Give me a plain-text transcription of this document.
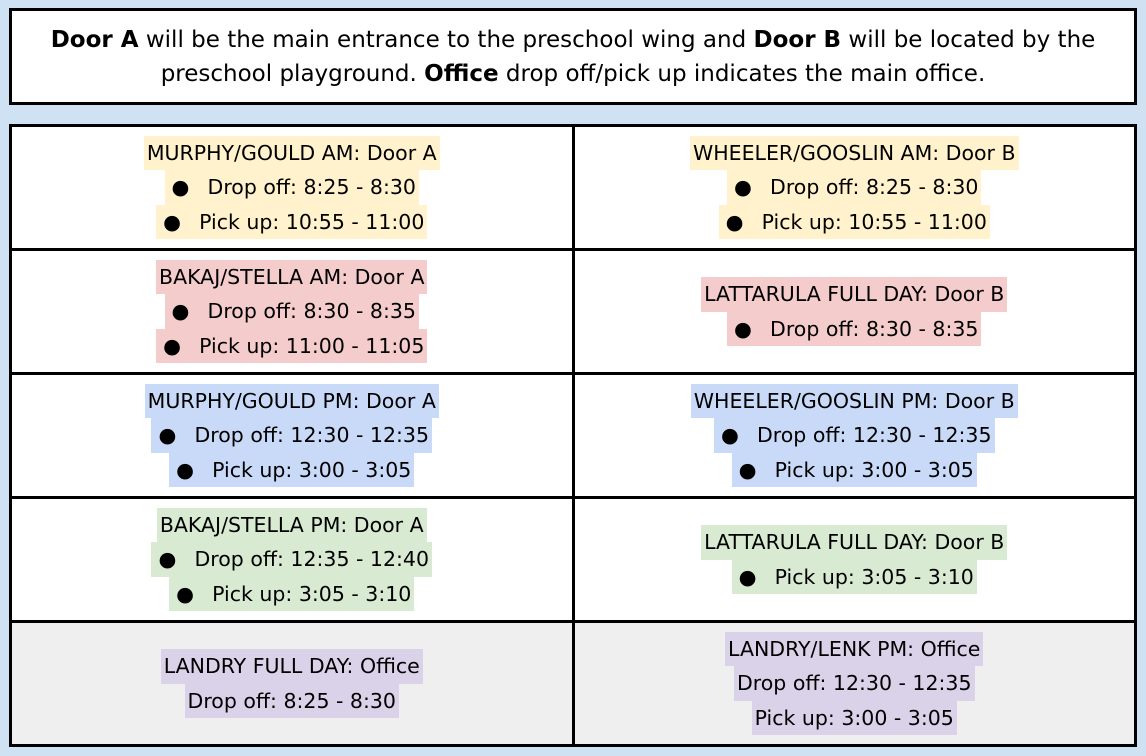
Door A will be the main entrance to the preschool wing and Door B will be located by the preschool playground. Office drop off/pick up indicates the main office.

MURPHY/GOULD AM: Door A
● Drop off: 8:25 - 8:30
● Pick up: 10:55 - 11:00
WHEELER/GOOSLIN AM: Door B
● Drop off: 8:25 - 8:30
● Pick up: 10:55 - 11:00
BAKAJ/STELLA AM: Door A
● Drop off: 8:30 - 8:35
● Pick up: 11:00 - 11:05
LATTARULA FULL DAY: Door B
● Drop off: 8:30 - 8:35
MURPHY/GOULD PM: Door A
● Drop off: 12:30 - 12:35
● Pick up: 3:00 - 3:05
WHEELER/GOOSLIN PM: Door B
● Drop off: 12:30 - 12:35
● Pick up: 3:00 - 3:05
BAKAJ/STELLA PM: Door A
● Drop off: 12:35 - 12:40
● Pick up: 3:05 - 3:10
LATTARULA FULL DAY: Door B
● Pick up: 3:05 - 3:10
LANDRY FULL DAY: Office
Drop off: 8:25 - 8:30
LANDRY/LENK PM: Office
Drop off: 12:30 - 12:35
Pick up: 3:00 - 3:05
